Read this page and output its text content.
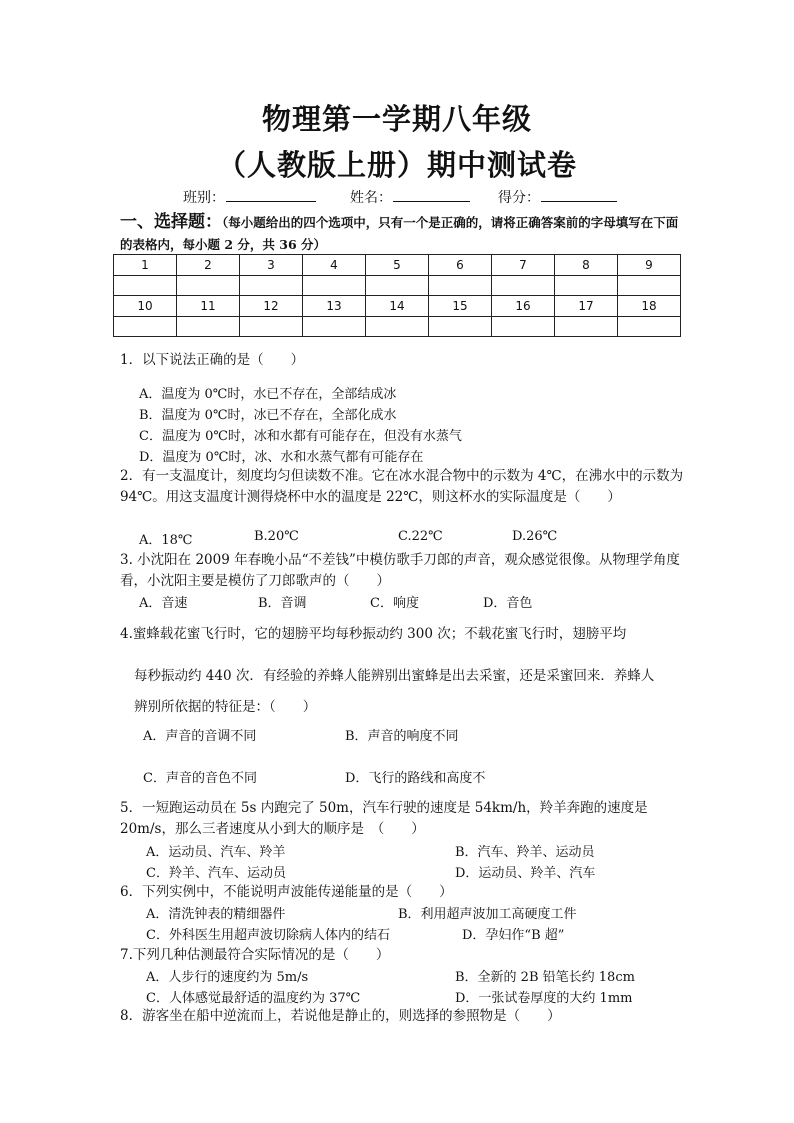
物理第一学期八年级
（人教版上册）期中测试卷
班别：	姓名：	得分：
一、选择题：（每小题给出的四个选项中，只有一个是正确的，请将正确答案前的字母填写在下面的表格内，每小题 2 分，共 36 分）
1	2	3	4	5	6	7	8	9

10	11	12	13	14	15	16	17	18

1．以下说法正确的是（　　）
A．温度为 0℃时，水已不存在，全部结成冰
B．温度为 0℃时，冰已不存在，全部化成水
C．温度为 0℃时，冰和水都有可能存在，但没有水蒸气
D．温度为 0℃时，冰、水和水蒸气都有可能存在
2．有一支温度计，刻度均匀但读数不准。它在冰水混合物中的示数为 4℃，在沸水中的示数为 94℃。用这支温度计测得烧杯中水的温度是 22℃，则这杯水的实际温度是（　　）
A．18℃	B.20℃	C.22℃	D.26℃
3. 小沈阳在 2009 年春晚小品“不差钱”中模仿歌手刀郎的声音，观众感觉很像。从物理学角度看，小沈阳主要是模仿了刀郎歌声的（　　）
A．音速	B．音调	C．响度	D．音色
4.蜜蜂载花蜜飞行时，它的翅膀平均每秒振动约 300 次；不载花蜜飞行时，翅膀平均
每秒振动约 440 次．有经验的养蜂人能辨别出蜜蜂是出去采蜜，还是采蜜回来．养蜂人
辨别所依据的特征是：（　　）
A．声音的音调不同	B．声音的响度不同
C．声音的音色不同	D．飞行的路线和高度不
5．一短跑运动员在 5s 内跑完了 50m，汽车行驶的速度是 54km/h，羚羊奔跑的速度是 20m/s，那么三者速度从小到大的顺序是　（　　）
A．运动员、汽车、羚羊	B．汽车、羚羊、运动员
C．羚羊、汽车、运动员	D．运动员、羚羊、汽车
6．下列实例中，不能说明声波能传递能量的是（　　）
A．清洗钟表的精细器件	B．利用超声波加工高硬度工件
C．外科医生用超声波切除病人体内的结石	D．孕妇作“B 超”
7.下列几种估测最符合实际情况的是（　　）
A．人步行的速度约为 5m/s	B．全新的 2B 铅笔长约 18cm
C．人体感觉最舒适的温度约为 37℃	D．一张试卷厚度的大约 1mm
8．游客坐在船中逆流而上，若说他是静止的，则选择的参照物是（　　）
